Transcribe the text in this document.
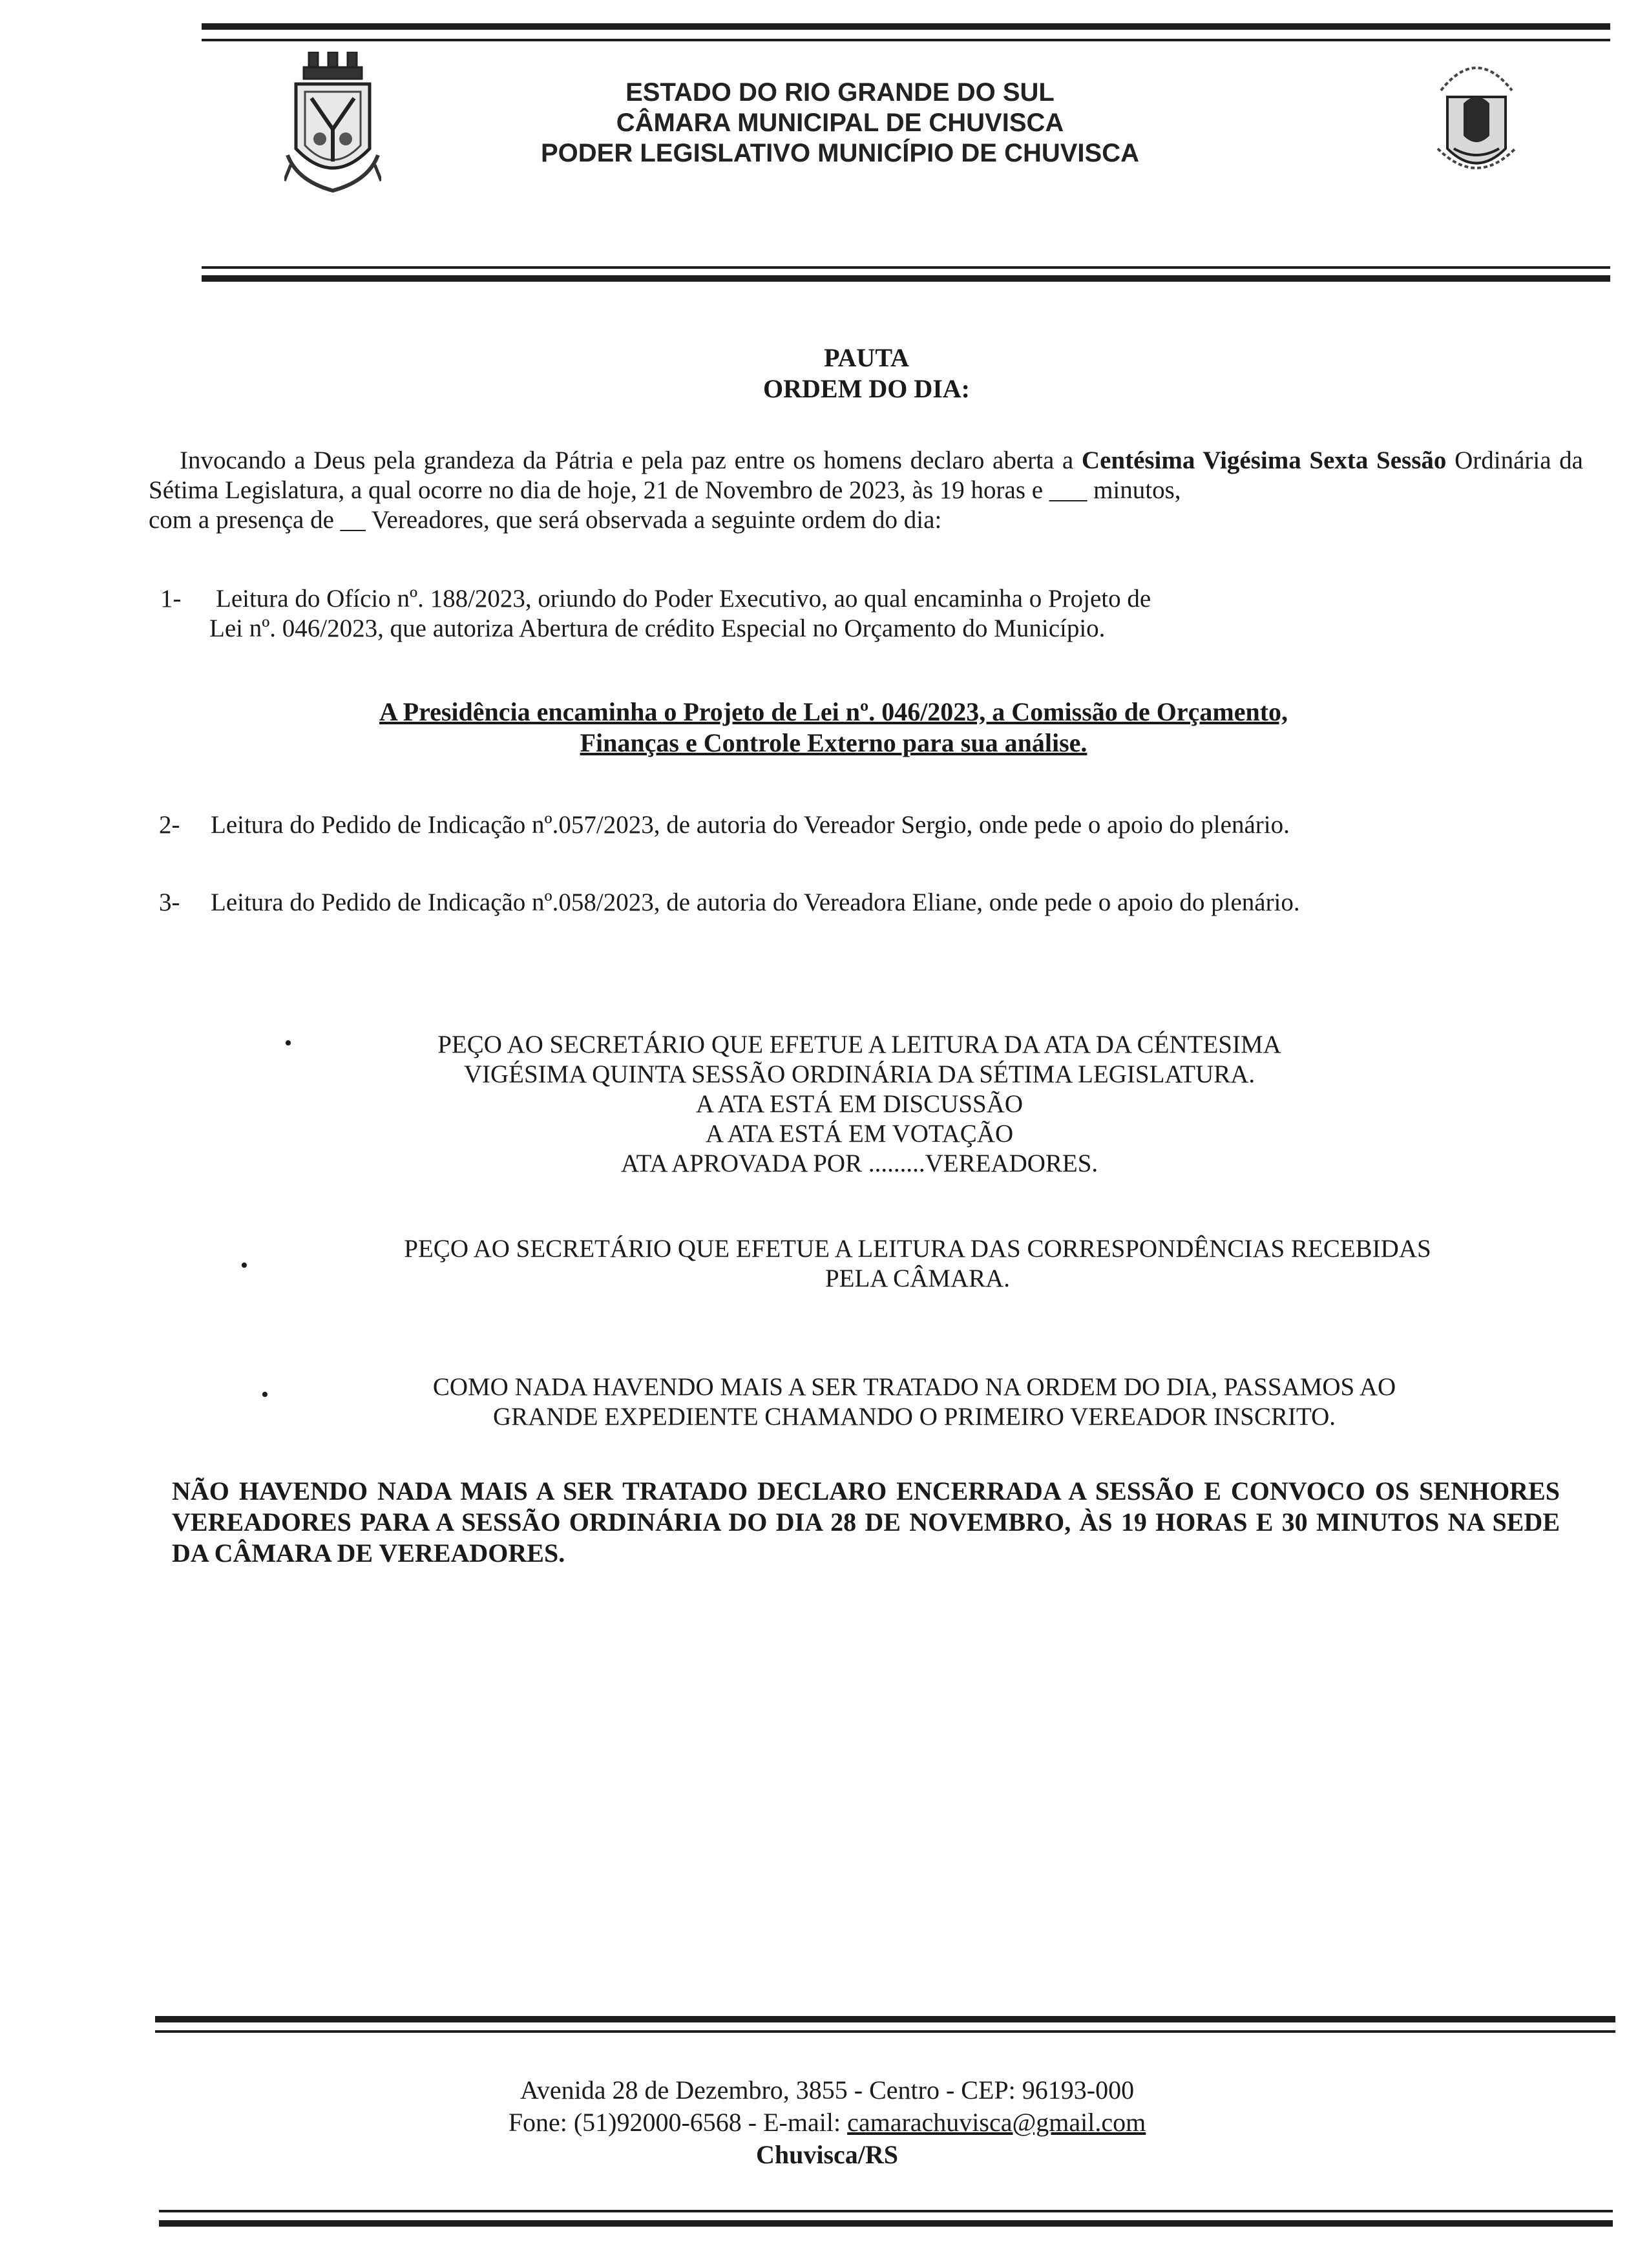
ESTADO DO RIO GRANDE DO SUL
CÂMARA MUNICIPAL DE CHUVISCA
PODER LEGISLATIVO MUNICÍPIO DE CHUVISCA
PAUTA
ORDEM DO DIA:
Invocando a Deus pela grandeza da Pátria e pela paz entre os homens declaro aberta a Centésima Vigésima Sexta Sessão Ordinária da Sétima Legislatura, a qual ocorre no dia de hoje, 21 de Novembro de 2023, às 19 horas e ___ minutos,
com a presença de __ Vereadores, que será observada a seguinte ordem do dia:
1- Leitura do Ofício nº. 188/2023, oriundo do Poder Executivo, ao qual encaminha o Projeto de
Lei nº. 046/2023, que autoriza Abertura de crédito Especial no Orçamento do Município.
A Presidência encaminha o Projeto de Lei nº. 046/2023, a Comissão de Orçamento,
Finanças e Controle Externo para sua análise.
2- Leitura do Pedido de Indicação nº.057/2023, de autoria do Vereador Sergio, onde pede o apoio do plenário.
3- Leitura do Pedido de Indicação nº.058/2023, de autoria do Vereadora Eliane, onde pede o apoio do plenário.
•	PEÇO AO SECRETÁRIO QUE EFETUE A LEITURA DA ATA DA CÉNTESIMA
VIGÉSIMA QUINTA SESSÃO ORDINÁRIA DA SÉTIMA LEGISLATURA.
A ATA ESTÁ EM DISCUSSÃO
A ATA ESTÁ EM VOTAÇÃO
ATA APROVADA POR .........VEREADORES.
•
PEÇO AO SECRETÁRIO QUE EFETUE A LEITURA DAS CORRESPONDÊNCIAS RECEBIDAS
PELA CÂMARA.
•	COMO NADA HAVENDO MAIS A SER TRATADO NA ORDEM DO DIA, PASSAMOS AO
GRANDE EXPEDIENTE CHAMANDO O PRIMEIRO VEREADOR INSCRITO.
NÃO HAVENDO NADA MAIS A SER TRATADO DECLARO ENCERRADA A SESSÃO E CONVOCO OS SENHORES VEREADORES PARA A SESSÃO ORDINÁRIA DO DIA 28 DE NOVEMBRO, ÀS 19 HORAS E 30 MINUTOS NA SEDE DA CÂMARA DE VEREADORES.
Avenida 28 de Dezembro, 3855 - Centro - CEP: 96193-000
Fone: (51)92000-6568 - E-mail: camarachuvisca@gmail.com
Chuvisca/RS
